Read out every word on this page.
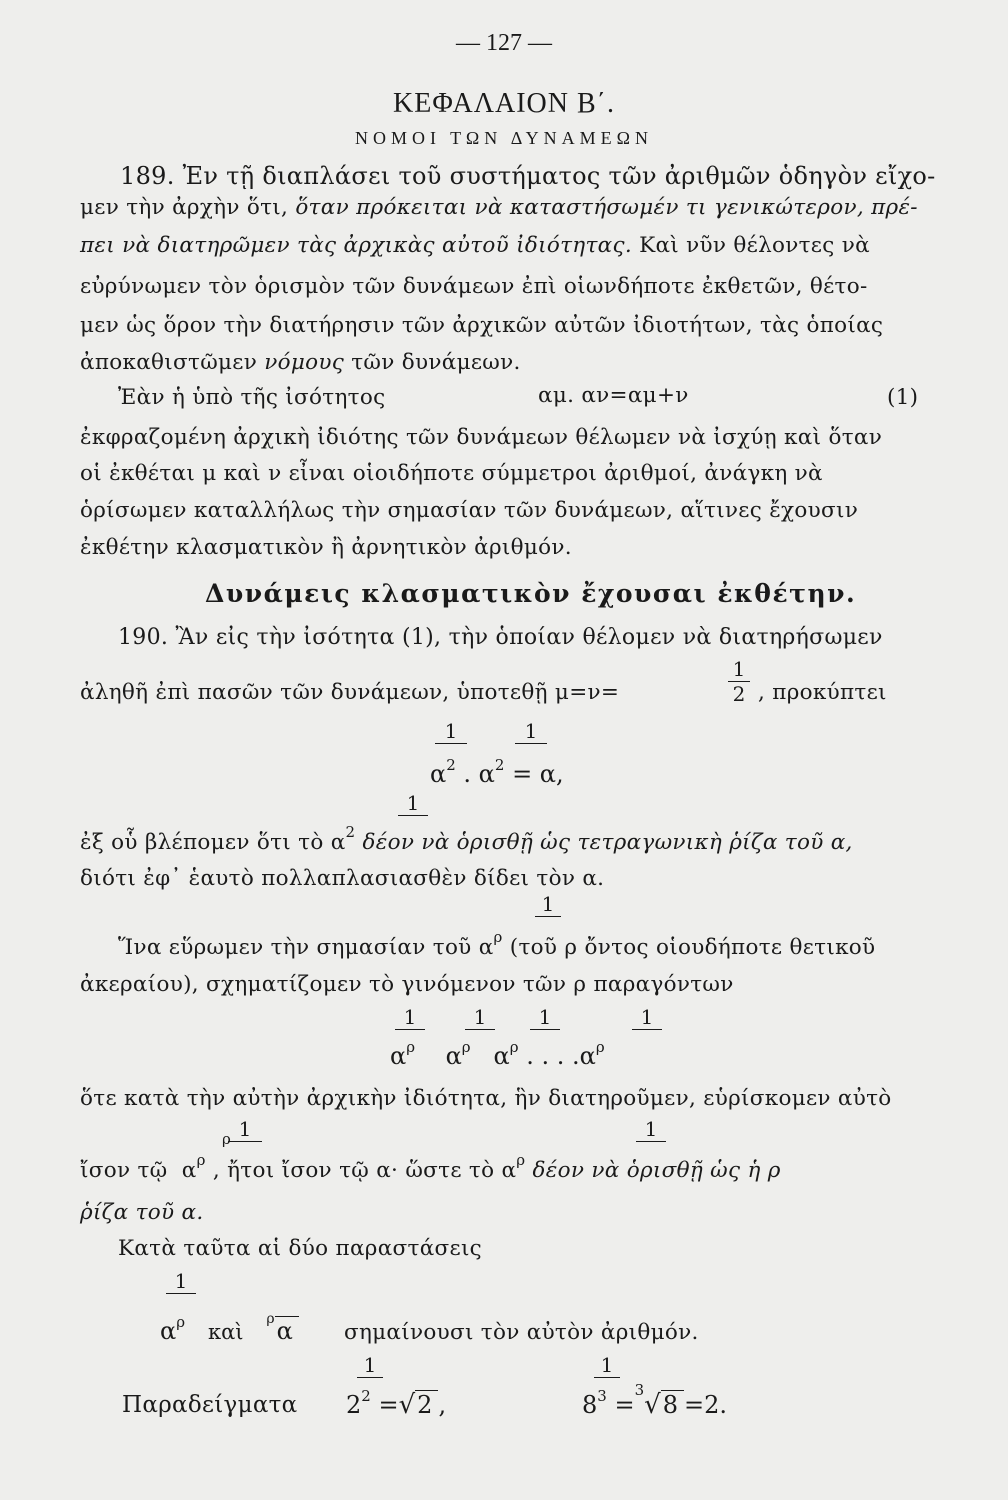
— 127 —
ΚΕΦΑΛΑΙΟΝ Β΄.
ΝΟΜΟΙ ΤΩΝ ΔΥΝΑΜΕΩΝ
189. Ἐν τῇ διαπλάσει τοῦ συστήματος τῶν ἀριθμῶν ὁδηγὸν εἴχο-
μεν τὴν ἀρχὴν ὅτι, ὅταν πρόκειται νὰ καταστήσωμέν τι γενικώτερον, πρέ-
πει νὰ διατηρῶμεν τὰς ἀρχικὰς αὐτοῦ ἰδιότητας. Καὶ νῦν θέλοντες νὰ
εὐρύνωμεν τὸν ὁρισμὸν τῶν δυνάμεων ἐπὶ οἱωνδήποτε ἐκθετῶν, θέτο-
μεν ὡς ὅρον τὴν διατήρησιν τῶν ἀρχικῶν αὐτῶν ἰδιοτήτων, τὰς ὁποίας
ἀποκαθιστῶμεν νόμους τῶν δυνάμεων.
Ἐὰν ἡ ὑπὸ τῆς ἰσότητος	αμ. αν=αμ+ν	(1)
ἐκφραζομένη ἀρχικὴ ἰδιότης τῶν δυνάμεων θέλωμεν νὰ ἰσχύῃ καὶ ὅταν
οἱ ἐκθέται μ καὶ ν εἶναι οἱοιδήποτε σύμμετροι ἀριθμοί, ἀνάγκη νὰ
ὁρίσωμεν καταλλήλως τὴν σημασίαν τῶν δυνάμεων, αἵτινες ἔχουσιν
ἐκθέτην κλασματικὸν ἢ ἀρνητικὸν ἀριθμόν.
Δυνάμεις κλασματικὸν ἔχουσαι ἐκθέτην.
190. Ἂν εἰς τὴν ἰσότητα (1), τὴν ὁποίαν θέλομεν νὰ διατηρήσωμεν
ἀληθῆ ἐπὶ πασῶν τῶν δυνάμεων, ὑποτεθῇ μ=ν=
1
2 , προκύπτει
1	1
$\alpha^2$ . $\alpha^2 = \alpha$,
1
ἐξ οὗ βλέπομεν ὅτι τὸ $\alpha^2$ δέον νὰ ὁρισθῇ ὡς τετραγωνικὴ ῥίζα τοῦ α,
διότι ἐφ᾽ ἑαυτὸ πολλαπλασιασθὲν δίδει τὸν α.
1
Ἵνα εὕρωμεν τὴν σημασίαν τοῦ $\alpha^\rho$ (τοῦ ρ ὄντος οἱουδήποτε θετικοῦ
ἀκεραίου), σχηματίζομεν τὸ γινόμενον τῶν ρ παραγόντων
1	1	1	1
$\alpha^\rho$ $\alpha^\rho$ $\alpha^\rho$ . . . $.\alpha^\rho$
ὅτε κατὰ τὴν αὐτὴν ἀρχικὴν ἰδιότητα, ἣν διατηροῦμεν, εὑρίσκομεν αὐτὸ
1
ρ	1
ἴσον τῷ $\alpha^\rho$ , ἤτοι ἴσον τῷ α· ὥστε τὸ $\alpha^\rho$ δέον νὰ ὁρισθῇ ὡς ἡ ρ
ῥίζα τοῦ α.
Κατὰ ταῦτα αἱ δύο παραστάσεις
1
$\alpha^\rho$ καὶ   $^\rho$α σημαίνουσι τὸν αὐτὸν ἀριθμόν.
Παραδείγματα
1
$2^2 =√2$ ,
1
$8^3 =^3√8 =2$.
